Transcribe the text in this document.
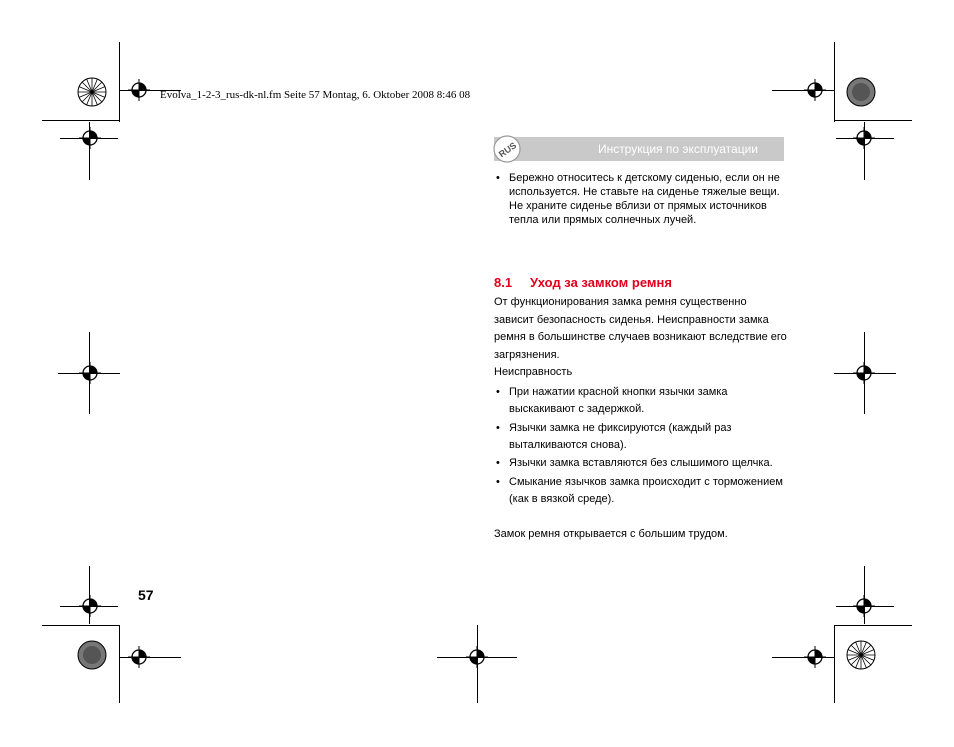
Evolva_1-2-3_rus-dk-nl.fm Seite 57 Montag, 6. Oktober 2008 8:46 08
RUS	Инструкция по эксплуатации
• Бережно относитесь к детскому сиденью, если он не используется. Не ставьте на сиденье тяжелые вещи. Не храните сиденье вблизи от прямых источников тепла или прямых солнечных лучей.
8.1 Уход за замком ремня
От функционирования замка ремня существенно зависит безопасность сиденья. Неисправности замка ремня в большинстве случаев возникают вследствие его загрязнения.
Неисправность
• При нажатии красной кнопки язычки замка выскакивают с задержкой.
• Язычки замка не фиксируются (каждый раз выталкиваются снова).
• Язычки замка вставляются без слышимого щелчка.
• Смыкание язычков замка происходит с торможением (как в вязкой среде).
Замок ремня открывается с большим трудом.
57
